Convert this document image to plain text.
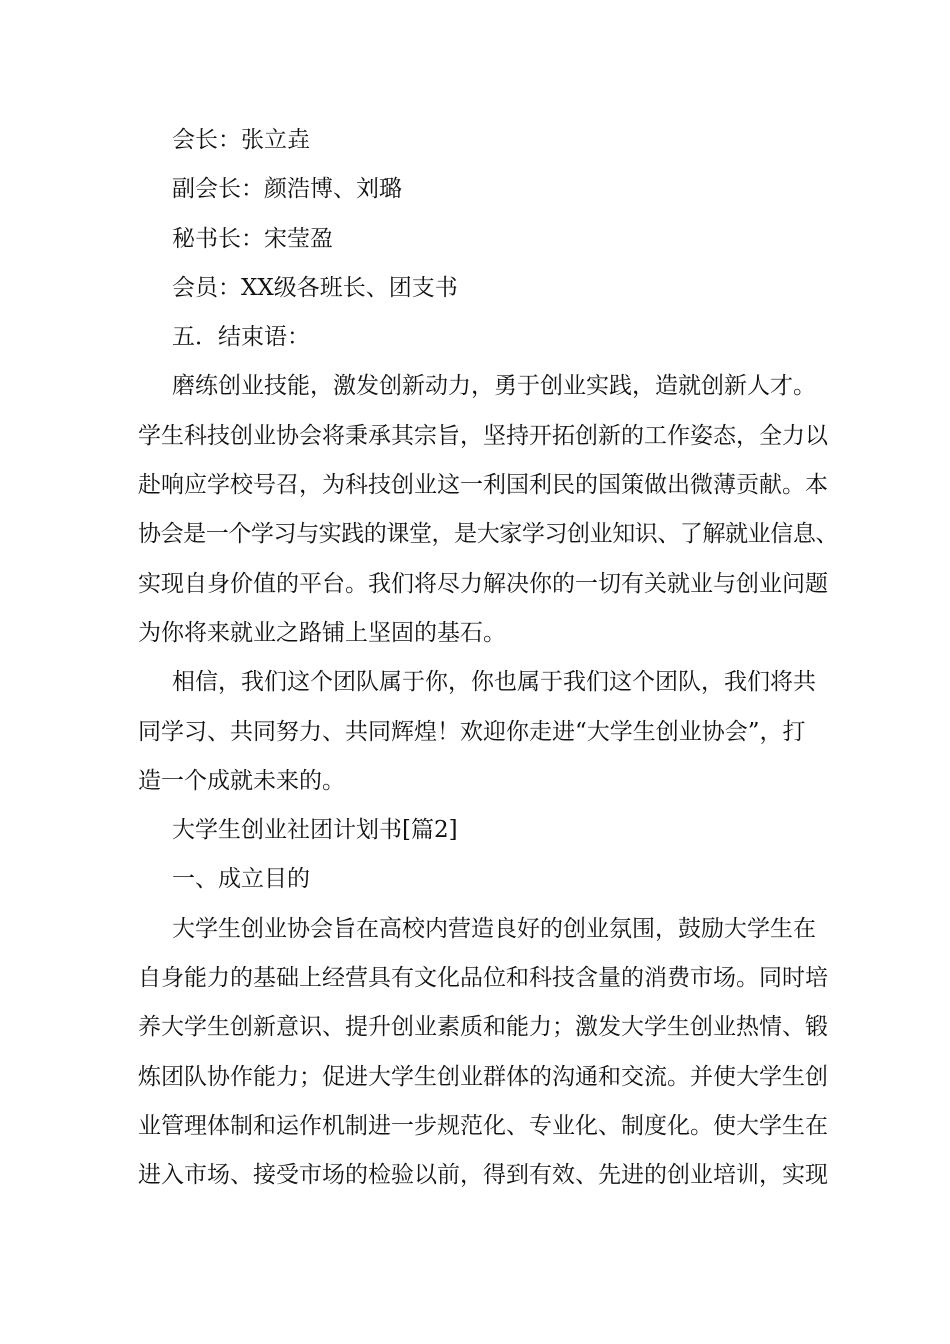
会长：张立垚
副会长：颜浩博、刘璐
秘书长：宋莹盈
会员：XX级各班长、团支书
五．结束语：
磨练创业技能，激发创新动力，勇于创业实践，造就创新人才。
学生科技创业协会将秉承其宗旨，坚持开拓创新的工作姿态，全力以
赴响应学校号召，为科技创业这一利国利民的国策做出微薄贡献。本
协会是一个学习与实践的课堂，是大家学习创业知识、了解就业信息、
实现自身价值的平台。我们将尽力解决你的一切有关就业与创业问题
为你将来就业之路铺上坚固的基石。
相信，我们这个团队属于你，你也属于我们这个团队，我们将共
同学习、共同努力、共同辉煌！欢迎你走进“大学生创业协会”，打
造一个成就未来的。
大学生创业社团计划书[篇2]
一、成立目的
大学生创业协会旨在高校内营造良好的创业氛围，鼓励大学生在
自身能力的基础上经营具有文化品位和科技含量的消费市场。同时培
养大学生创新意识、提升创业素质和能力；激发大学生创业热情、锻
炼团队协作能力；促进大学生创业群体的沟通和交流。并使大学生创
业管理体制和运作机制进一步规范化、专业化、制度化。使大学生在
进入市场、接受市场的检验以前，得到有效、先进的创业培训，实现
